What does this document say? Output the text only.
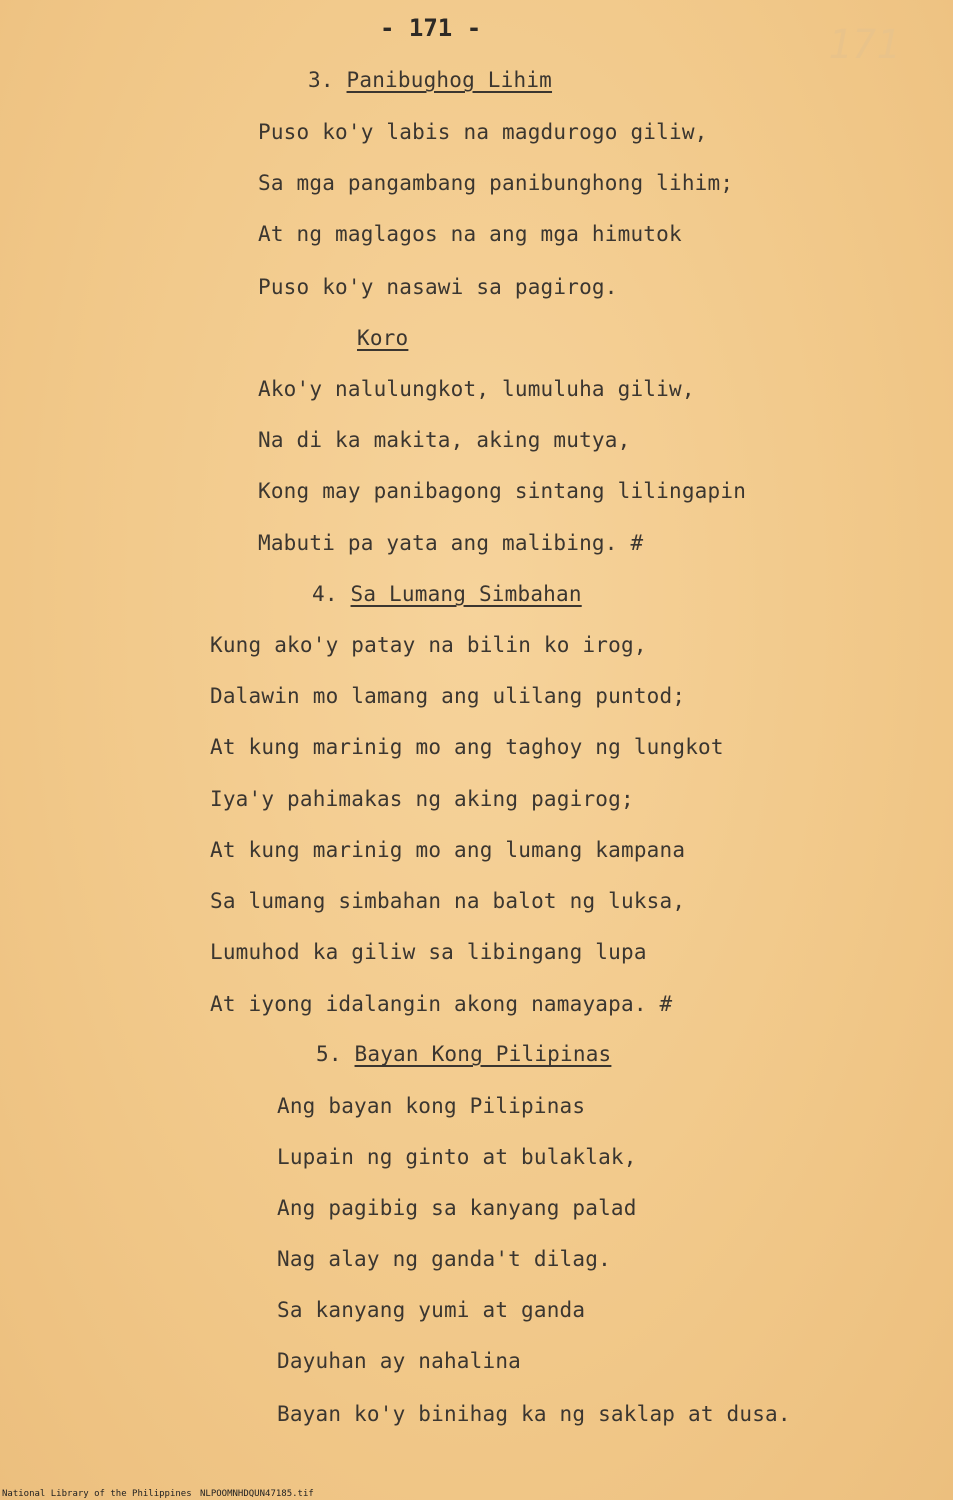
- 171 -	171
3. Panibughog Lihim
Puso ko'y labis na magdurogo giliw,
Sa mga pangambang panibunghong lihim;
At ng maglagos na ang mga himutok
Puso ko'y nasawi sa pagirog.
Koro
Ako'y nalulungkot, lumuluha giliw,
Na di ka makita, aking mutya,
Kong may panibagong sintang lilingapin
Mabuti pa yata ang malibing. #
4. Sa Lumang Simbahan
Kung ako'y patay na bilin ko irog,
Dalawin mo lamang ang ulilang puntod;
At kung marinig mo ang taghoy ng lungkot
Iya'y pahimakas ng aking pagirog;
At kung marinig mo ang lumang kampana
Sa lumang simbahan na balot ng luksa,
Lumuhod ka giliw sa libingang lupa
At iyong idalangin akong namayapa. #
5. Bayan Kong Pilipinas
Ang bayan kong Pilipinas
Lupain ng ginto at bulaklak,
Ang pagibig sa kanyang palad
Nag alay ng ganda't dilag.
Sa kanyang yumi at ganda
Dayuhan ay nahalina
Bayan ko'y binihag ka ng saklap at dusa.
National Library of the Philippines NLPOOMNHDQUN47185.tif
